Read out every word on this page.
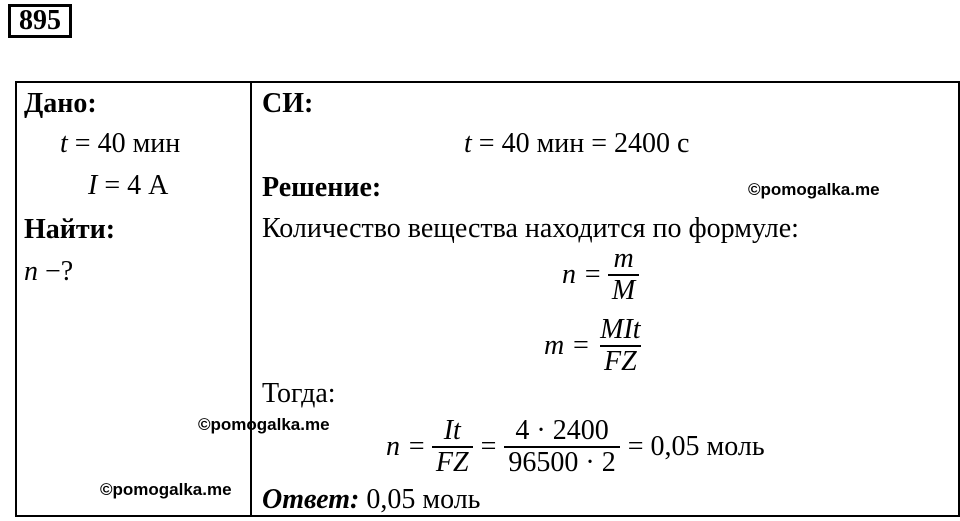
895
Дано:
t = 40 мин
I = 4 А
Найти:
n −?
СИ:
t = 40 мин = 2400 с
Решение:
Количество вещества находится по формуле:
$n = \frac{m}{M}$
$m = \frac{\text{MIt}}{FZ}$
Тогда:
$n = \frac{It}{FZ} = \frac{4 \cdot 2400}{96500 \cdot 2} = 0,05$ моль
Ответ: 0,05 моль
©pomogalka.me
©pomogalka.me
©pomogalka.me
